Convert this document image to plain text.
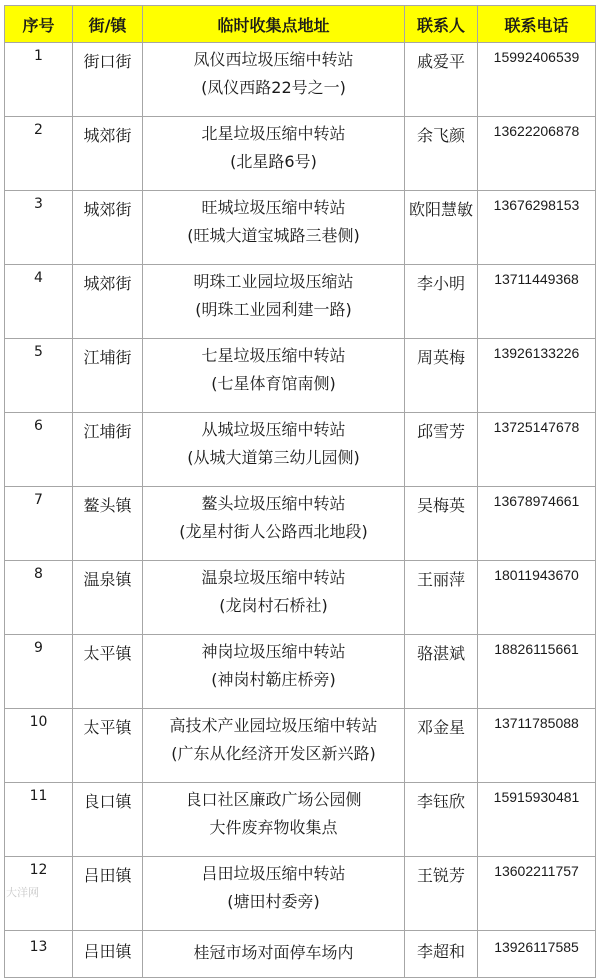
序号	街/镇	临时收集点地址	联系人	联系电话
1	街口街	凤仪西垃圾压缩中转站
(凤仪西路22号之一)	戚爱平	15992406539
2	城郊街	北星垃圾压缩中转站
(北星路6号)	余飞颜	13622206878
3	城郊街	旺城垃圾压缩中转站
(旺城大道宝城路三巷侧)	欧阳慧敏	13676298153
4	城郊街	明珠工业园垃圾压缩站
(明珠工业园利建一路)	李小明	13711449368
5	江埔街	七星垃圾压缩中转站
(七星体育馆南侧)	周英梅	13926133226
6	江埔街	从城垃圾压缩中转站
(从城大道第三幼儿园侧)	邱雪芳	13725147678
7	鳌头镇	鳌头垃圾压缩中转站
(龙星村街人公路西北地段)	吴梅英	13678974661
8	温泉镇	温泉垃圾压缩中转站
(龙岗村石桥社)	王丽萍	18011943670
9	太平镇	神岗垃圾压缩中转站
(神岗村簕庄桥旁)	骆湛斌	18826115661
10	太平镇	高技术产业园垃圾压缩中转站
(广东从化经济开发区新兴路)	邓金星	13711785088
11	良口镇	良口社区廉政广场公园侧
大件废弃物收集点	李钰欣	15915930481
12	吕田镇	吕田垃圾压缩中转站
(塘田村委旁)	王锐芳	13602211757
13	吕田镇	桂冠市场对面停车场内	李超和	13926117585
大洋网
